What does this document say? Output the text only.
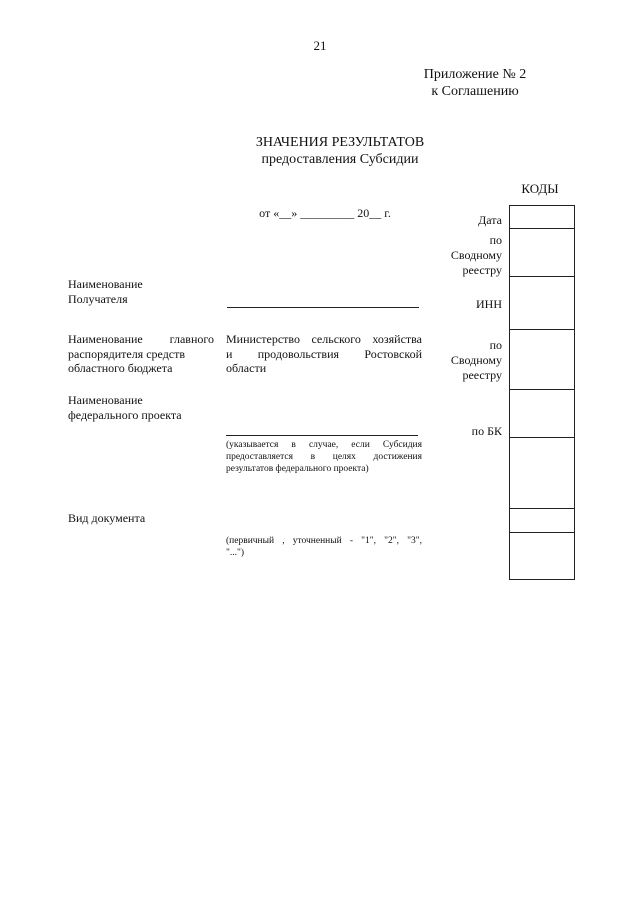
21
Приложение № 2
к Соглашению
ЗНАЧЕНИЯ РЕЗУЛЬТАТОВ
предоставления Субсидии
КОДЫ
от «__» _________ 20__ г.	Дата
по
Сводному
реестру
ИНН
по
Сводному
реестру
по БК
Наименование
Получателя
Наименование главного
распорядителя средств
областного бюджета
Министерство сельского хозяйства
и продовольствия Ростовской
области
Наименование
федерального проекта
(указывается в случае, если Субсидия
предоставляется в целях достижения
результатов федерального проекта)
Вид документа
(первичный , уточненный - "1", "2", "3",
"...")
